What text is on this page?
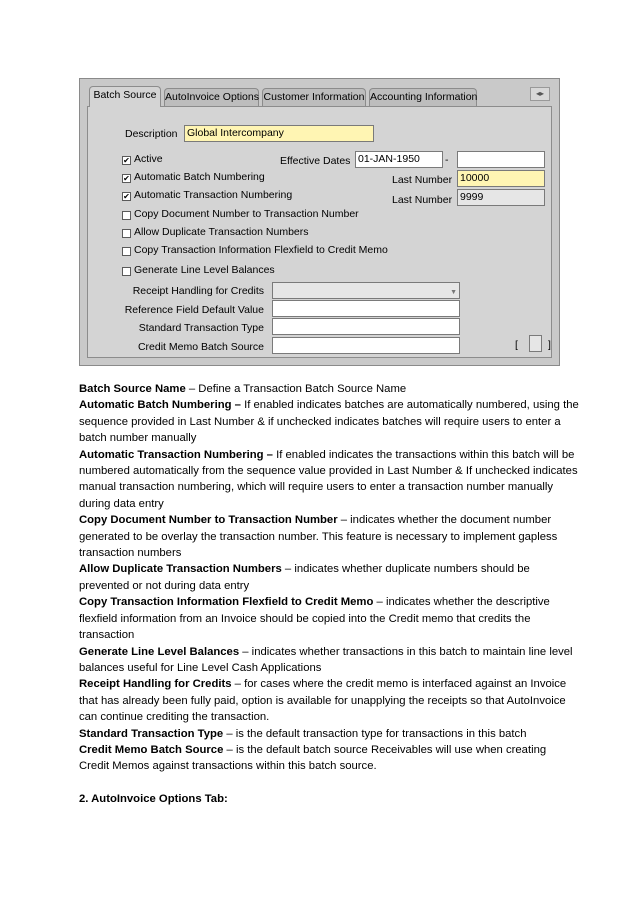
Batch Source AutoInvoice Options Customer Information Accounting Information	◂▸
Description Global Intercompany
✔ Active	Effective Dates 01-JAN-1950	-
✔ Automatic Batch Numbering	Last Number 10000
✔ Automatic Transaction Numbering	Last Number 9999
Copy Document Number to Transaction Number
Allow Duplicate Transaction Numbers
Copy Transaction Information Flexfield to Credit Memo
Generate Line Level Balances
Receipt Handling for Credits	▼
Reference Field Default Value
Standard Transaction Type
Credit Memo Batch Source	[	]

Batch Source Name – Define a Transaction Batch Source Name

Automatic Batch Numbering – If enabled indicates batches are automatically numbered, using the sequence provided in Last Number & if unchecked indicates batches will require users to enter a batch number manually

Automatic Transaction Numbering – If enabled indicates the transactions within this batch will be numbered automatically from the sequence value provided in Last Number & If unchecked indicates manual transaction numbering, which will require users to enter a transaction number manually during data entry

Copy Document Number to Transaction Number – indicates whether the document number generated to be overlay the transaction number. This feature is necessary to implement gapless transaction numbers

Allow Duplicate Transaction Numbers – indicates whether duplicate numbers should be prevented or not during data entry

Copy Transaction Information Flexfield to Credit Memo – indicates whether the descriptive flexfield information from an Invoice should be copied into the Credit memo that credits the transaction

Generate Line Level Balances – indicates whether transactions in this batch to maintain line level balances useful for Line Level Cash Applications

Receipt Handling for Credits – for cases where the credit memo is interfaced against an Invoice that has already been fully paid, option is available for unapplying the receipts so that AutoInvoice can continue crediting the transaction.

Standard Transaction Type – is the default transaction type for transactions in this batch

Credit Memo Batch Source – is the default batch source Receivables will use when creating Credit Memos against transactions within this batch source.

2. AutoInvoice Options Tab:
